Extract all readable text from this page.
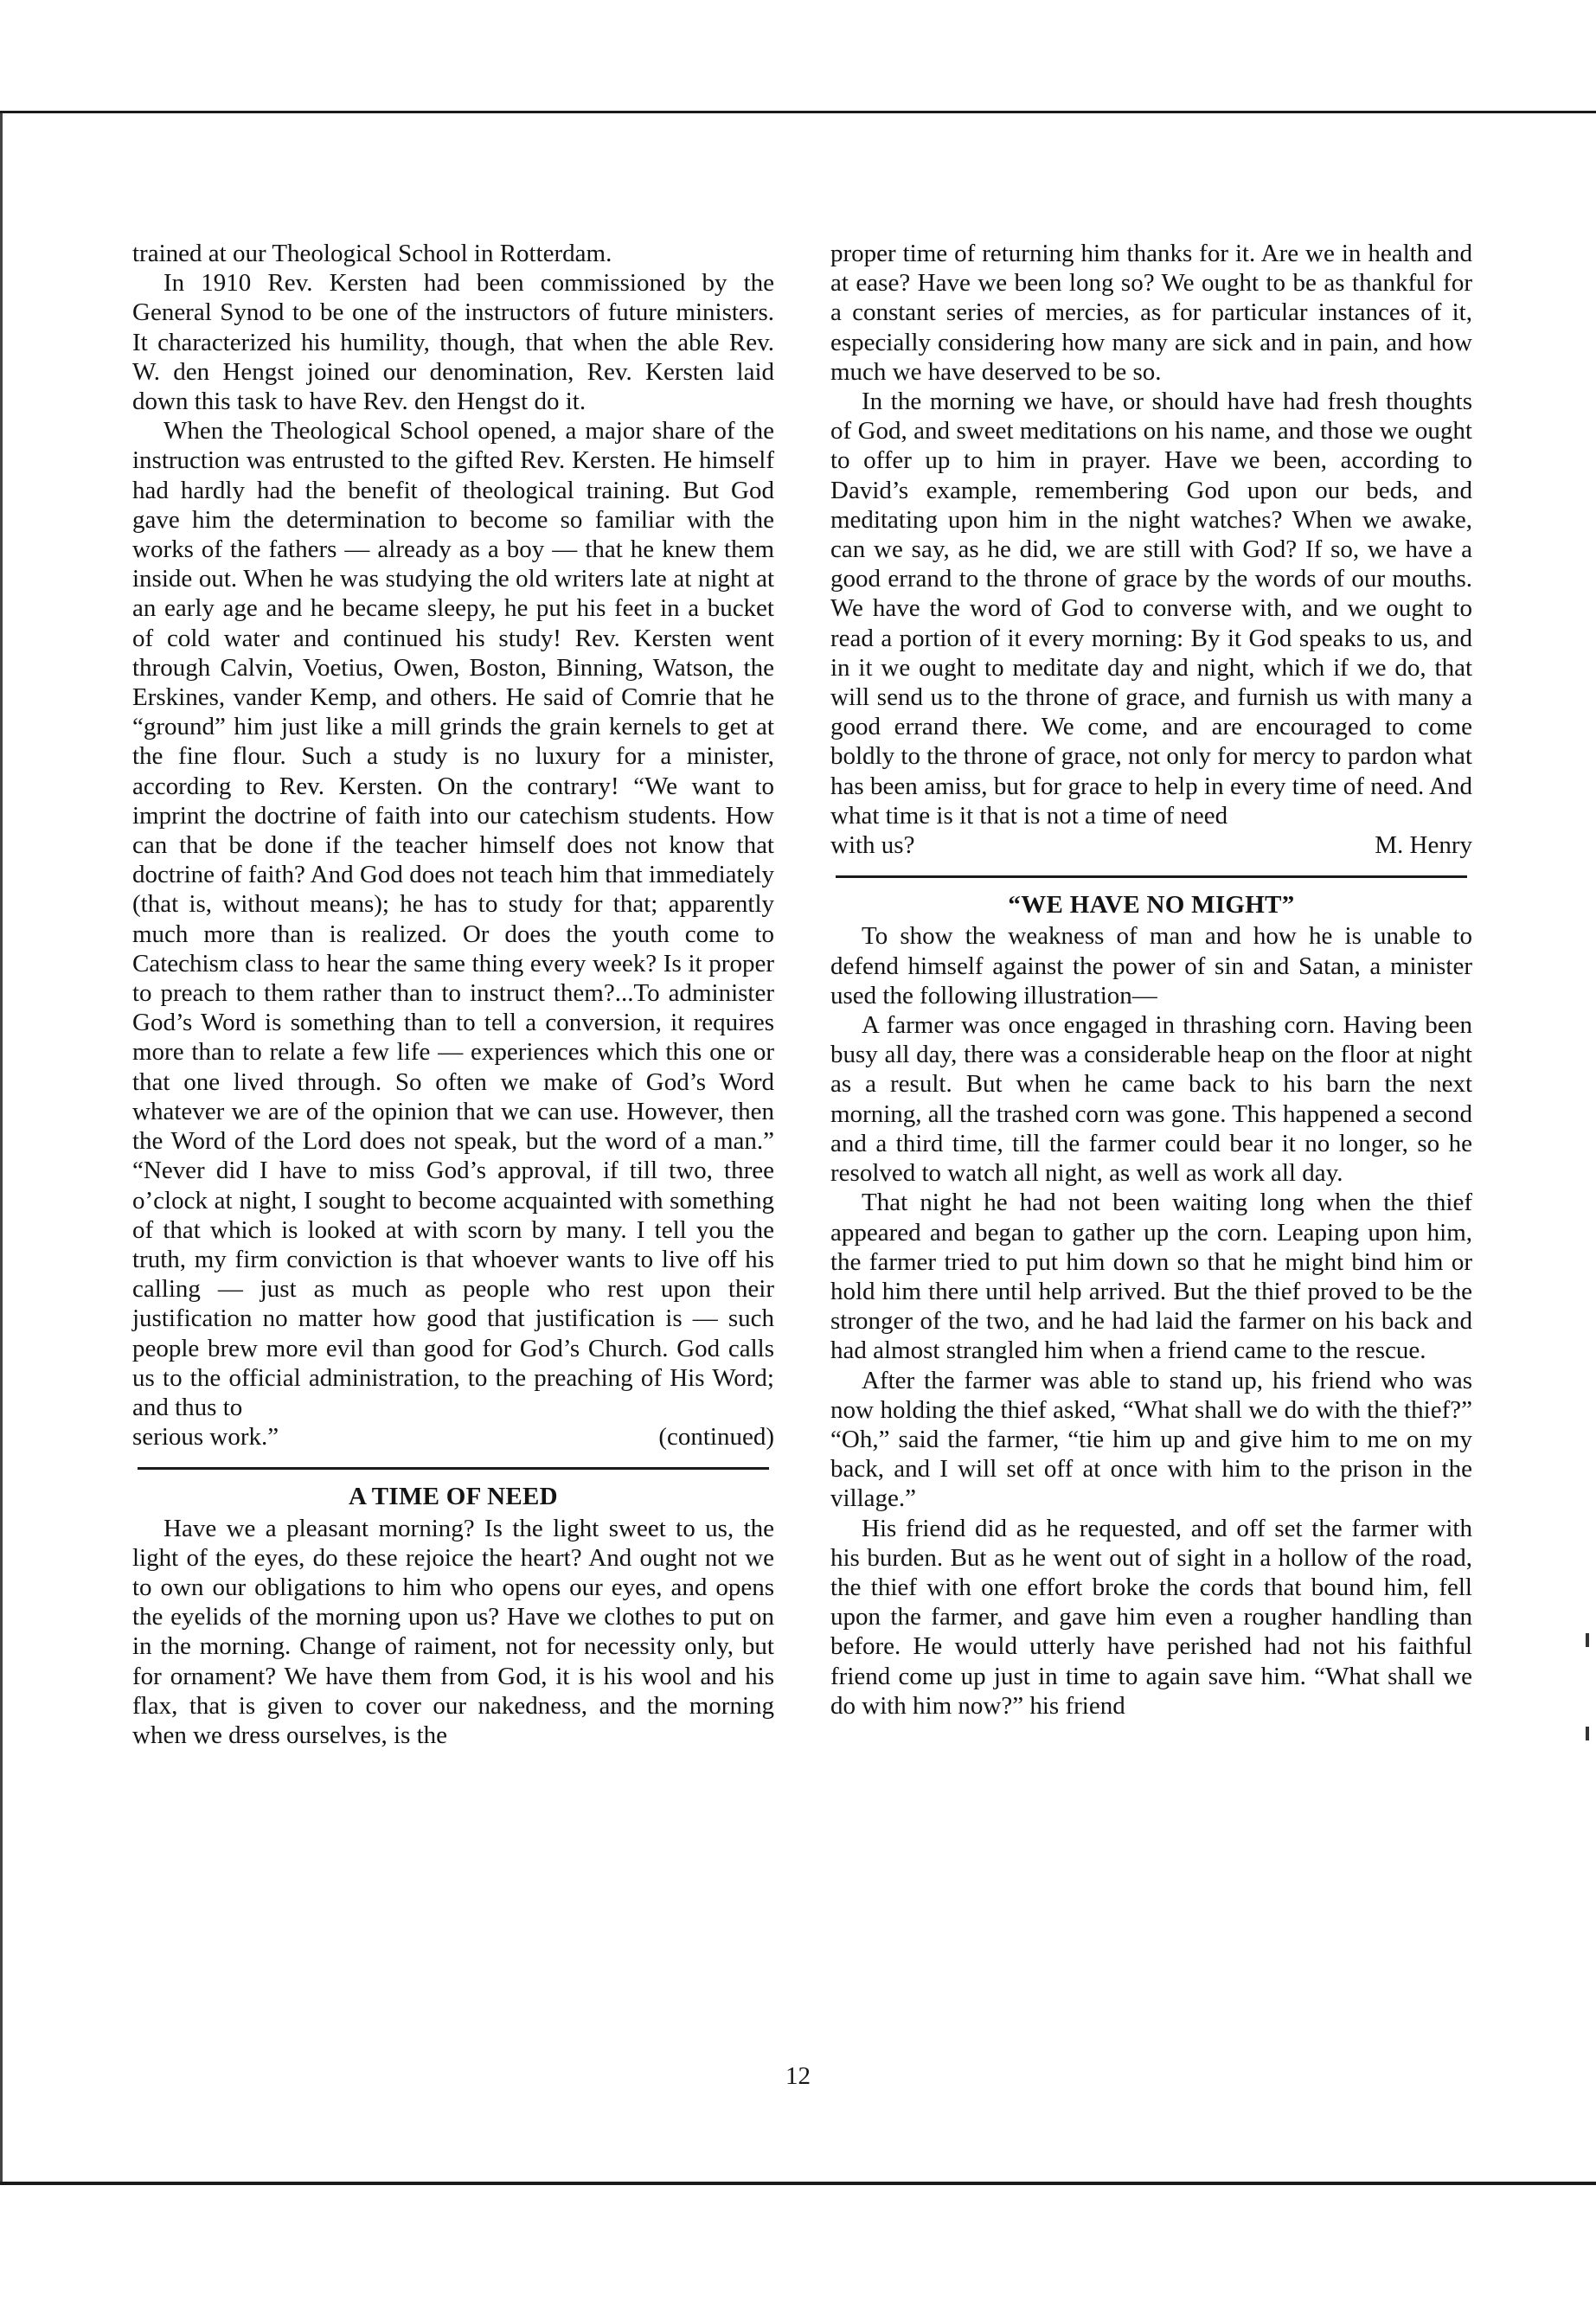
trained at our Theological School in Rotterdam.

In 1910 Rev. Kersten had been commissioned by the General Synod to be one of the instructors of future ministers. It characterized his humility, though, that when the able Rev. W. den Hengst joined our denomination, Rev. Kersten laid down this task to have Rev. den Hengst do it.

When the Theological School opened, a major share of the instruction was entrusted to the gifted Rev. Kersten. He himself had hardly had the benefit of theological training. But God gave him the determination to become so familiar with the works of the fathers — already as a boy — that he knew them inside out. When he was studying the old writers late at night at an early age and he became sleepy, he put his feet in a bucket of cold water and continued his study! Rev. Kersten went through Calvin, Voetius, Owen, Boston, Binning, Watson, the Erskines, vander Kemp, and others. He said of Comrie that he “ground” him just like a mill grinds the grain kernels to get at the fine flour. Such a study is no luxury for a minister, according to Rev. Kersten. On the contrary! “We want to imprint the doctrine of faith into our catechism students. How can that be done if the teacher himself does not know that doctrine of faith? And God does not teach him that immediately (that is, without means); he has to study for that; apparently much more than is realized. Or does the youth come to Catechism class to hear the same thing every week? Is it proper to preach to them rather than to instruct them?...To administer God’s Word is something than to tell a conversion, it requires more than to relate a few life — experiences which this one or that one lived through. So often we make of God’s Word whatever we are of the opinion that we can use. However, then the Word of the Lord does not speak, but the word of a man.” “Never did I have to miss God’s approval, if till two, three o’clock at night, I sought to become acquainted with something of that which is looked at with scorn by many. I tell you the truth, my firm conviction is that whoever wants to live off his calling — just as much as people who rest upon their justification no matter how good that justification is — such people brew more evil than good for God’s Church. God calls us to the official administration, to the preaching of His Word; and thus to

serious work.”	(continued)
A TIME OF NEED

Have we a pleasant morning? Is the light sweet to us, the light of the eyes, do these rejoice the heart? And ought not we to own our obligations to him who opens our eyes, and opens the eyelids of the morning upon us? Have we clothes to put on in the morning. Change of raiment, not for necessity only, but for ornament? We have them from God, it is his wool and his flax, that is given to cover our nakedness, and the morning when we dress ourselves, is the

proper time of returning him thanks for it. Are we in health and at ease? Have we been long so? We ought to be as thankful for a constant series of mercies, as for particular instances of it, especially considering how many are sick and in pain, and how much we have deserved to be so.

In the morning we have, or should have had fresh thoughts of God, and sweet meditations on his name, and those we ought to offer up to him in prayer. Have we been, according to David’s example, remembering God upon our beds, and meditating upon him in the night watches? When we awake, can we say, as he did, we are still with God? If so, we have a good errand to the throne of grace by the words of our mouths. We have the word of God to converse with, and we ought to read a portion of it every morning: By it God speaks to us, and in it we ought to meditate day and night, which if we do, that will send us to the throne of grace, and furnish us with many a good errand there. We come, and are encouraged to come boldly to the throne of grace, not only for mercy to pardon what has been amiss, but for grace to help in every time of need. And what time is it that is not a time of need

with us?	M. Henry
“WE HAVE NO MIGHT”

To show the weakness of man and how he is unable to defend himself against the power of sin and Satan, a minister used the following illustration—

A farmer was once engaged in thrashing corn. Having been busy all day, there was a considerable heap on the floor at night as a result. But when he came back to his barn the next morning, all the trashed corn was gone. This happened a second and a third time, till the farmer could bear it no longer, so he resolved to watch all night, as well as work all day.

That night he had not been waiting long when the thief appeared and began to gather up the corn. Leaping upon him, the farmer tried to put him down so that he might bind him or hold him there until help arrived. But the thief proved to be the stronger of the two, and he had laid the farmer on his back and had almost strangled him when a friend came to the rescue.

After the farmer was able to stand up, his friend who was now holding the thief asked, “What shall we do with the thief?” “Oh,” said the farmer, “tie him up and give him to me on my back, and I will set off at once with him to the prison in the village.”

His friend did as he requested, and off set the farmer with his burden. But as he went out of sight in a hollow of the road, the thief with one effort broke the cords that bound him, fell upon the farmer, and gave him even a rougher handling than before. He would utterly have perished had not his faithful friend come up just in time to again save him. “What shall we do with him now?” his friend

12
